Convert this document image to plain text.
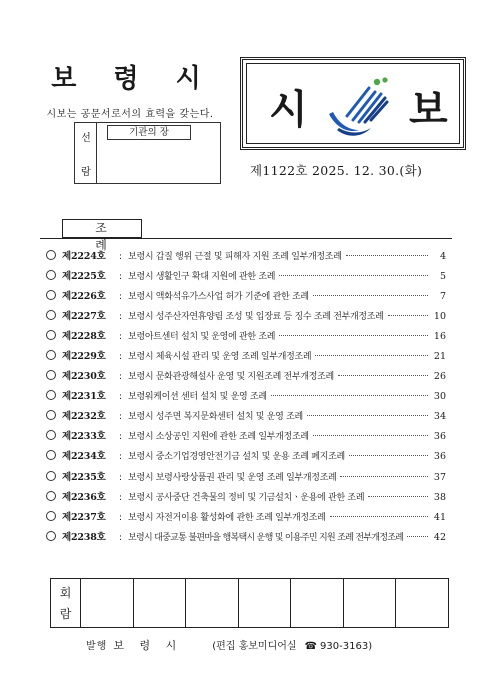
보 령 시
시보는 공문서로서의 효력을 갖는다.
선
람
기관의 장	시	보
제1122호 2025. 12. 30.(화)
조 례
제2224호	: 보령시 갑질 행위 근절 및 피해자 지원 조례 일부개정조례	4
제2225호	: 보령시 생활인구 확대 지원에 관한 조례	5
제2226호	: 보령시 액화석유가스사업 허가 기준에 관한 조례	7
제2227호	: 보령시 성주산자연휴양림 조성 및 입장료 등 징수 조례 전부개정조례	10
제2228호	: 보령아트센터 설치 및 운영에 관한 조례	16
제2229호	: 보령시 체육시설 관리 및 운영 조례 일부개정조례	21
제2230호	: 보령시 문화관광해설사 운영 및 지원조례 전부개정조례	26
제2231호	: 보령워케이션 센터 설치 및 운영 조례	30
제2232호	: 보령시 성주면 복지문화센터 설치 및 운영 조례	34
제2233호	: 보령시 소상공인 지원에 관한 조례 일부개정조례	36
제2234호	: 보령시 중소기업경영안전기금 설치 및 운용 조례 폐지조례	36
제2235호	: 보령시 보령사랑상품권 관리 및 운영 조례 일부개정조례	37
제2236호	: 보령시 공사중단 건축물의 정비 및 기금설치ㆍ운용에 관한 조례	38
제2237호	: 보령시 자전거이용 활성화에 관한 조례 일부개정조례	41
제2238호	: 보령시 대중교통 불편마을 행복택시 운행 및 이용주민 지원 조례 전부개정조례	42
회
람
발행 보 령 시	(편집 홍보미디어실 ☎ 930-3163)
